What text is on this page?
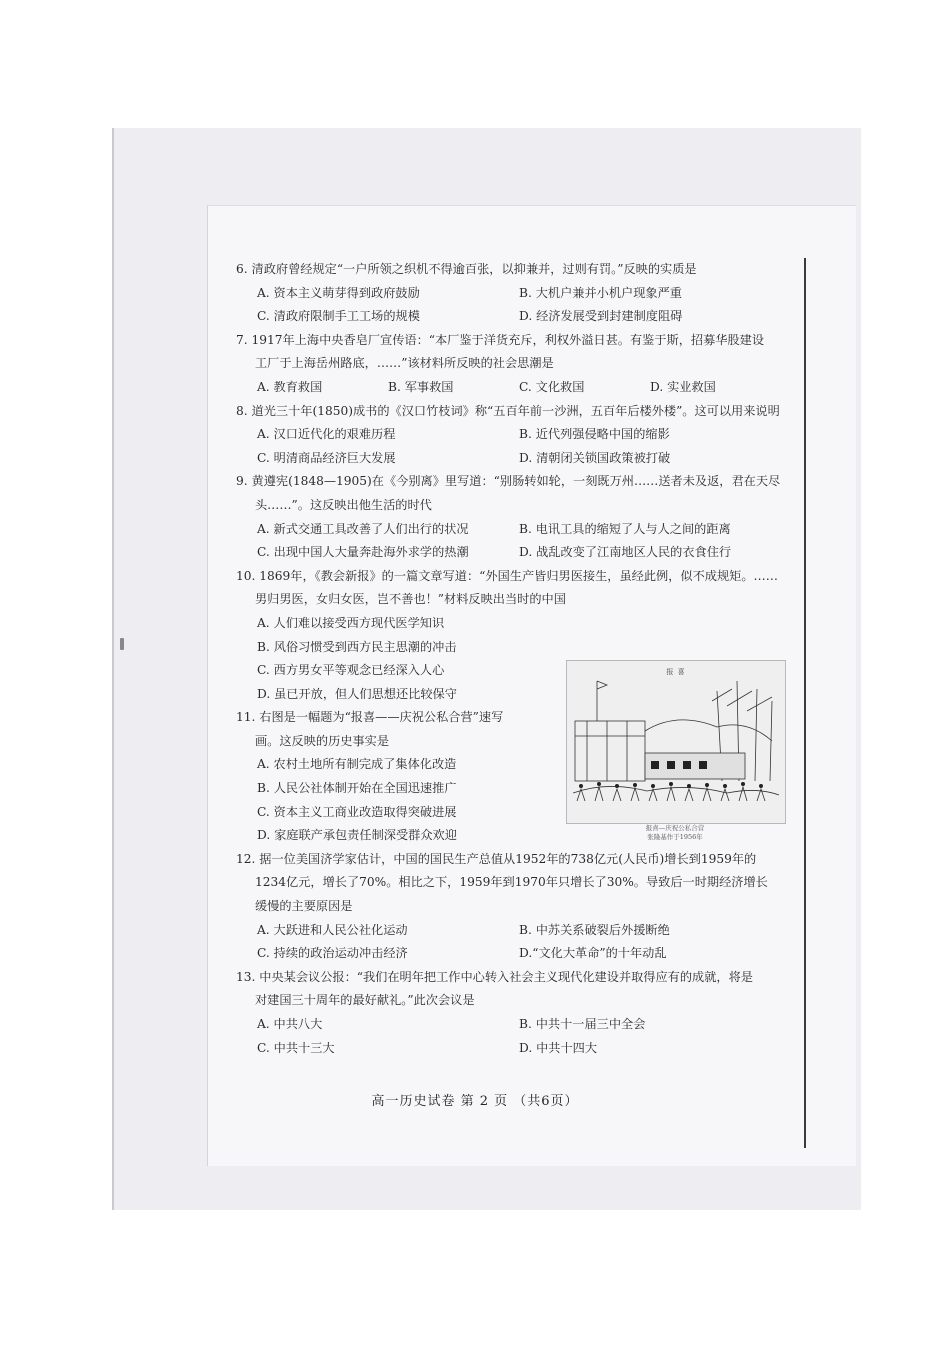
6. 清政府曾经规定“一户所领之织机不得逾百张，以抑兼并，过则有罚。”反映的实质是
A. 资本主义萌芽得到政府鼓励	B. 大机户兼并小机户现象严重
C. 清政府限制手工工场的规模	D. 经济发展受到封建制度阻碍
7. 1917年上海中央香皂厂宣传语：“本厂鉴于洋货充斥，利权外溢日甚。有鉴于斯，招募华股建设
工厂于上海岳州路底，……”该材料所反映的社会思潮是
A. 教育救国	B. 军事救国	C. 文化救国	D. 实业救国
8. 道光三十年(1850)成书的《汉口竹枝词》称“五百年前一沙洲，五百年后楼外楼”。这可以用来说明
A. 汉口近代化的艰难历程	B. 近代列强侵略中国的缩影
C. 明清商品经济巨大发展	D. 清朝闭关锁国政策被打破
9. 黄遵宪(1848—1905)在《今别离》里写道：“别肠转如轮，一刻既万州……送者未及返，君在天尽
头……”。这反映出他生活的时代
A. 新式交通工具改善了人们出行的状况	B. 电讯工具的缩短了人与人之间的距离
C. 出现中国人大量奔赴海外求学的热潮	D. 战乱改变了江南地区人民的衣食住行
10. 1869年，《教会新报》的一篇文章写道：“外国生产皆归男医接生，虽经此例，似不成规矩。……
男归男医，女归女医，岂不善也！”材料反映出当时的中国
A. 人们难以接受西方现代医学知识
B. 风俗习惯受到西方民主思潮的冲击
C. 西方男女平等观念已经深入人心
D. 虽已开放，但人们思想还比较保守
11. 右图是一幅题为“报喜——庆祝公私合营”速写
画。这反映的历史事实是
A. 农村土地所有制完成了集体化改造
B. 人民公社体制开始在全国迅速推广
C. 资本主义工商业改造取得突破进展
D. 家庭联产承包责任制深受群众欢迎
12. 据一位美国济学家估计，中国的国民生产总值从1952年的738亿元(人民币)增长到1959年的
1234亿元，增长了70%。相比之下，1959年到1970年只增长了30%。导致后一时期经济增长
缓慢的主要原因是
A. 大跃进和人民公社化运动	B. 中苏关系破裂后外援断绝
C. 持续的政治运动冲击经济	D.“文化大革命”的十年动乱
13. 中央某会议公报：“我们在明年把工作中心转入社会主义现代化建设并取得应有的成就，将是
对建国三十周年的最好献礼。”此次会议是
A. 中共八大	B. 中共十一届三中全会
C. 中共十三大	D. 中共十四大
报 喜
报喜—庆祝公私合营
张隆基作于1956年
高一历史试卷 第 2 页 （共6页）
